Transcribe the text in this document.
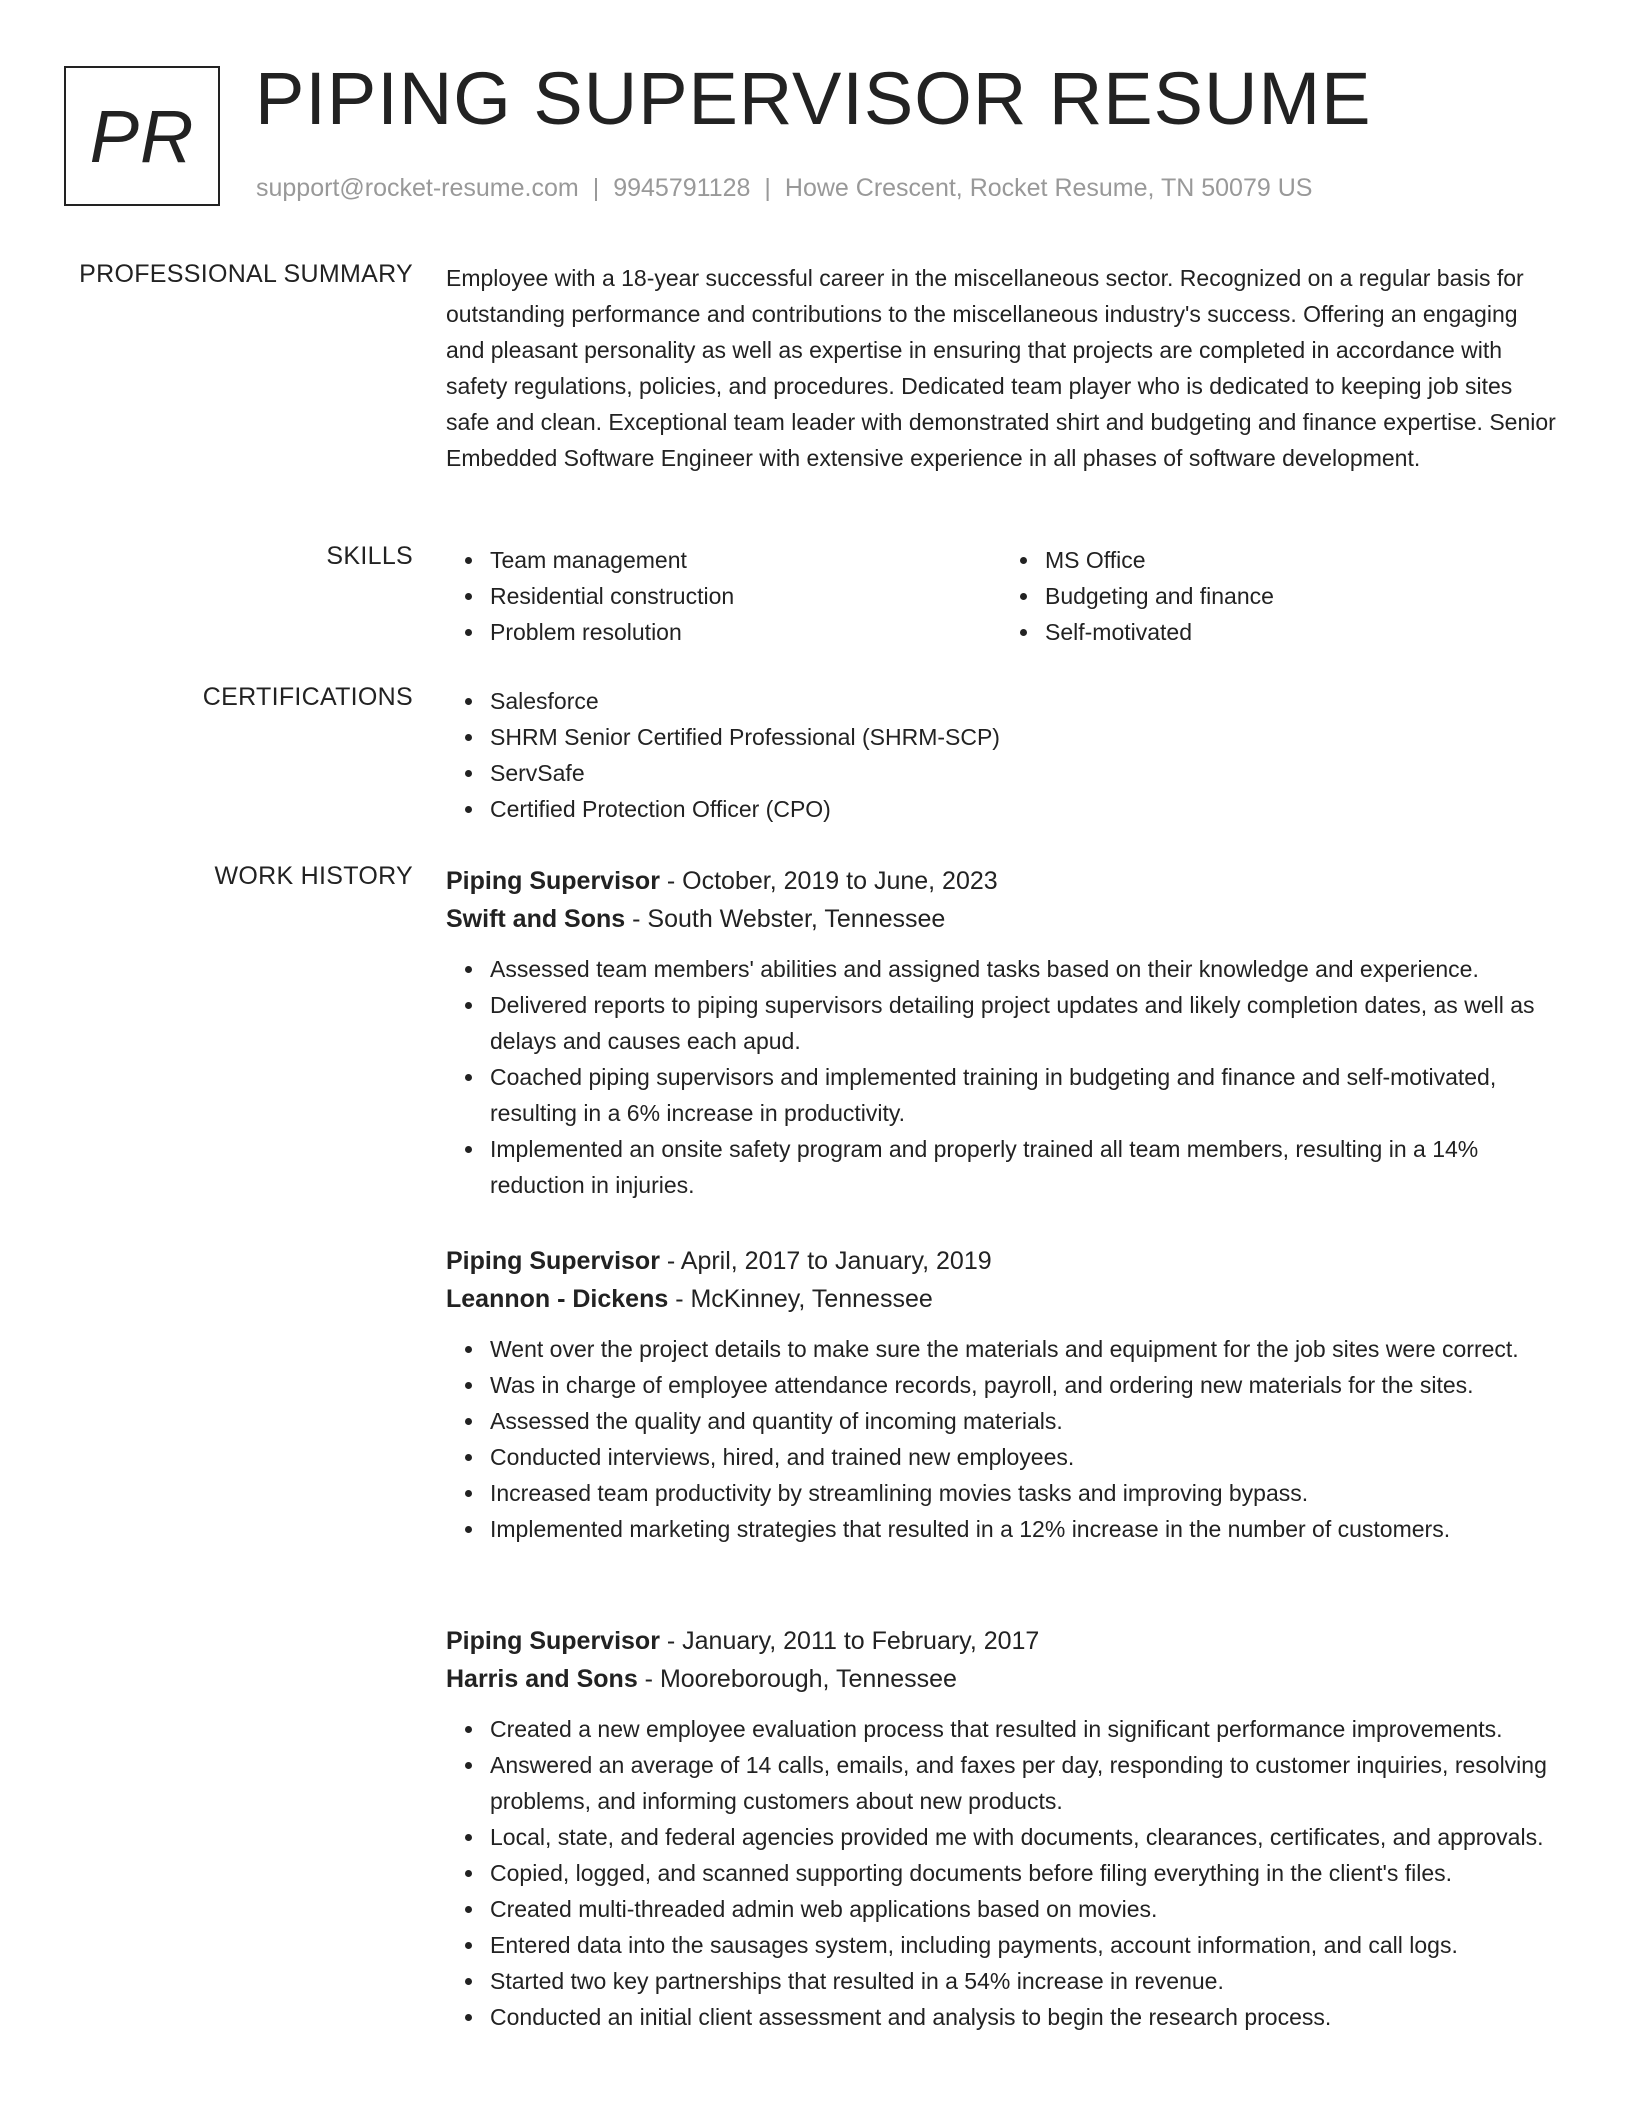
PR PIPING SUPERVISOR RESUME
support@rocket-resume.com | 9945791128 | Howe Crescent, Rocket Resume, TN 50079 US
PROFESSIONAL SUMMARY Employee with a 18-year successful career in the miscellaneous sector. Recognized on a regular basis for outstanding performance and contributions to the miscellaneous industry's success. Offering an engaging and pleasant personality as well as expertise in ensuring that projects are completed in accordance with safety regulations, policies, and procedures. Dedicated team player who is dedicated to keeping job sites safe and clean. Exceptional team leader with demonstrated shirt and budgeting and finance expertise. Senior Embedded Software Engineer with extensive experience in all phases of software development.

SKILLS	Team management
Residential construction
Problem resolution
MS Office
Budgeting and finance
Self-motivated
CERTIFICATIONS	Salesforce
SHRM Senior Certified Professional (SHRM-SCP)
ServSafe
Certified Protection Officer (CPO)
WORK HISTORY Piping Supervisor - October, 2019 to June, 2023

Swift and Sons - South Webster, Tennessee

Assessed team members' abilities and assigned tasks based on their knowledge and experience.
Delivered reports to piping supervisors detailing project updates and likely completion dates, as well as delays and causes each apud.
Coached piping supervisors and implemented training in budgeting and finance and self-motivated, resulting in a 6% increase in productivity.
Implemented an onsite safety program and properly trained all team members, resulting in a 14% reduction in injuries.

Piping Supervisor - April, 2017 to January, 2019

Leannon - Dickens - McKinney, Tennessee

Went over the project details to make sure the materials and equipment for the job sites were correct.
Was in charge of employee attendance records, payroll, and ordering new materials for the sites.
Assessed the quality and quantity of incoming materials.
Conducted interviews, hired, and trained new employees.
Increased team productivity by streamlining movies tasks and improving bypass.
Implemented marketing strategies that resulted in a 12% increase in the number of customers.

Piping Supervisor - January, 2011 to February, 2017

Harris and Sons - Mooreborough, Tennessee

Created a new employee evaluation process that resulted in significant performance improvements.
Answered an average of 14 calls, emails, and faxes per day, responding to customer inquiries, resolving problems, and informing customers about new products.
Local, state, and federal agencies provided me with documents, clearances, certificates, and approvals.
Copied, logged, and scanned supporting documents before filing everything in the client's files.
Created multi-threaded admin web applications based on movies.
Entered data into the sausages system, including payments, account information, and call logs.
Started two key partnerships that resulted in a 54% increase in revenue.
Conducted an initial client assessment and analysis to begin the research process.
